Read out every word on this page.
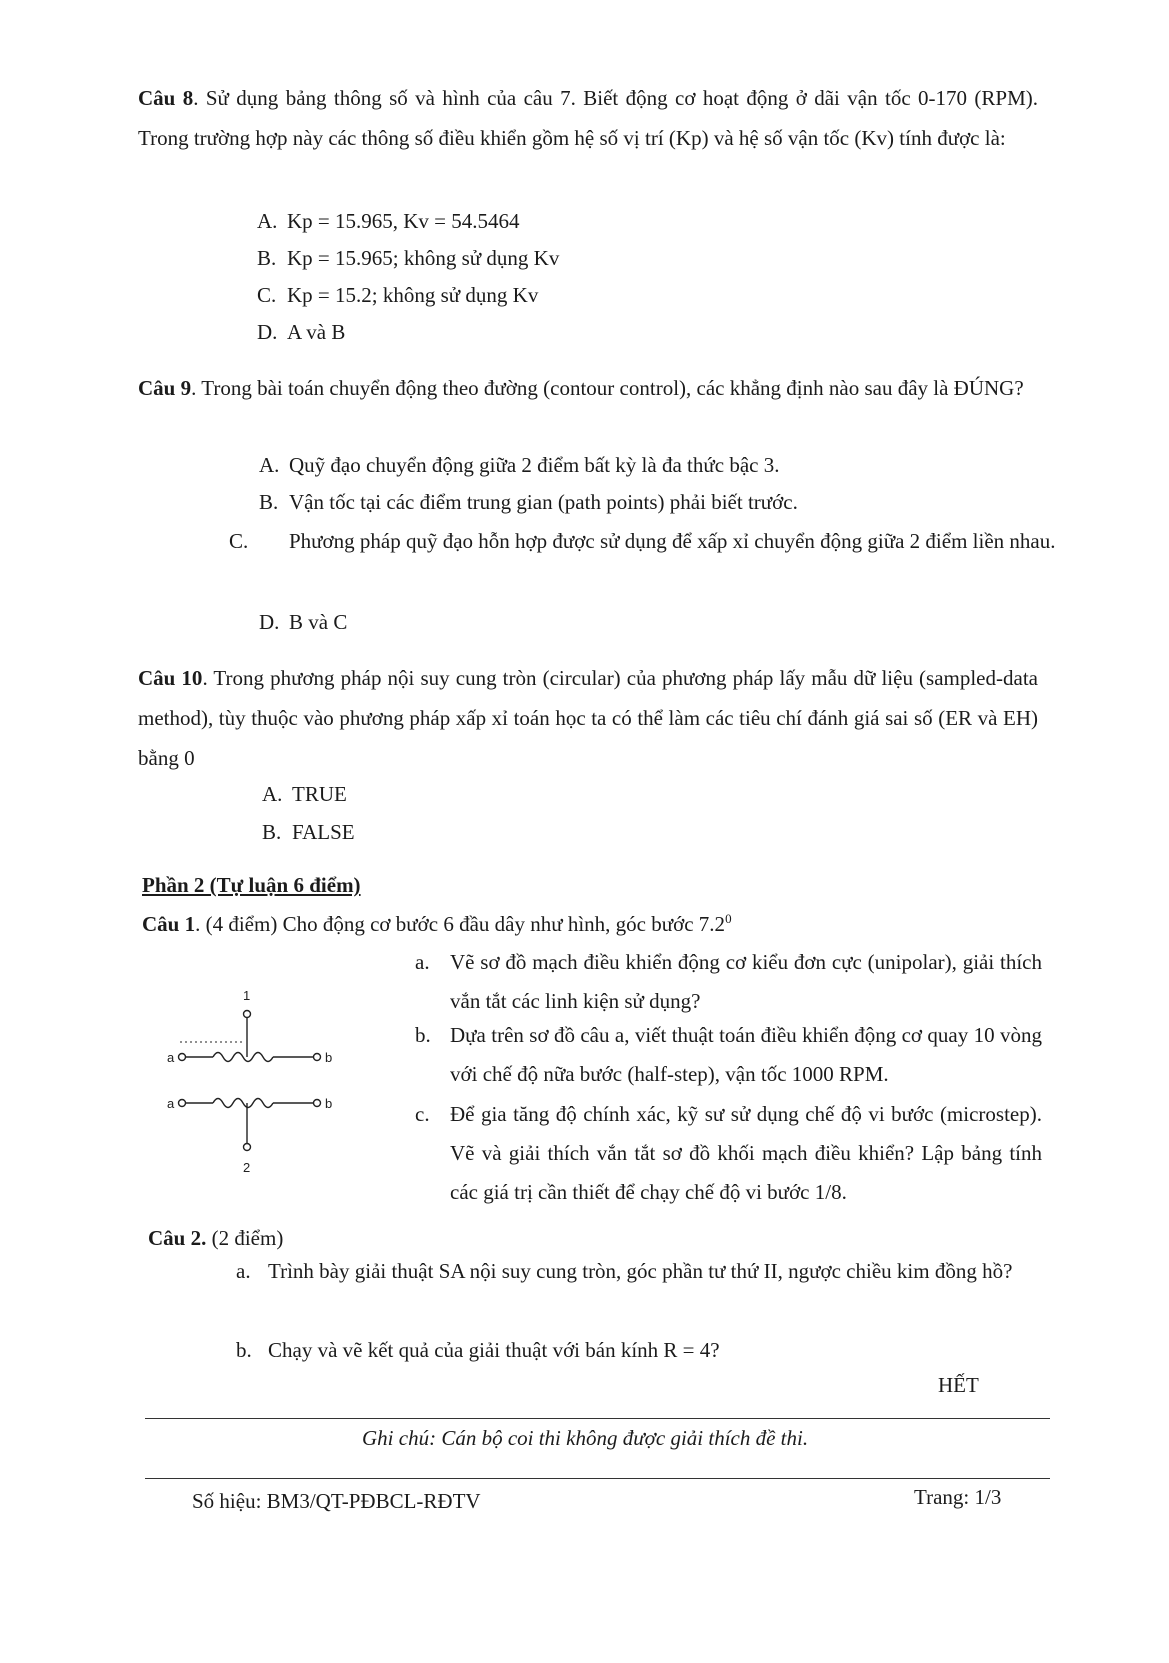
Câu 8. Sử dụng bảng thông số và hình của câu 7. Biết động cơ hoạt động ở dãi vận tốc 0-170 (RPM). Trong trường hợp này các thông số điều khiển gồm hệ số vị trí (Kp) và hệ số vận tốc (Kv) tính được là:
A. Kp = 15.965, Kv = 54.5464
B. Kp = 15.965; không sử dụng Kv
C. Kp = 15.2; không sử dụng Kv
D. A và B
Câu 9. Trong bài toán chuyển động theo đường (contour control), các khẳng định nào sau đây là ĐÚNG?
A. Quỹ đạo chuyển động giữa 2 điểm bất kỳ là đa thức bậc 3.
B. Vận tốc tại các điểm trung gian (path points) phải biết trước.
C. Phương pháp quỹ đạo hỗn hợp được sử dụng để xấp xỉ chuyển động giữa 2 điểm liền nhau.
D. B và C
Câu 10. Trong phương pháp nội suy cung tròn (circular) của phương pháp lấy mẫu dữ liệu (sampled-data method), tùy thuộc vào phương pháp xấp xỉ toán học ta có thể làm các tiêu chí đánh giá sai số (ER và EH) bằng 0
A. TRUE
B. FALSE
Phần 2 (Tự luận 6 điểm)
Câu 1. (4 điểm) Cho động cơ bước 6 đầu dây như hình, góc bước $7.2^0$
a. Vẽ sơ đồ mạch điều khiển động cơ kiểu đơn cực (unipolar), giải thích vắn tắt các linh kiện sử dụng?
b. Dựa trên sơ đồ câu a, viết thuật toán điều khiển động cơ quay 10 vòng với chế độ nữa bước (half-step), vận tốc 1000 RPM.
c. Để gia tăng độ chính xác, kỹ sư sử dụng chế độ vi bước (microstep). Vẽ và giải thích vắn tắt sơ đồ khối mạch điều khiển? Lập bảng tính các giá trị cần thiết để chạy chế độ vi bước 1/8.
1
2
a	b
a	b
Câu 2. (2 điểm)
a. Trình bày giải thuật SA nội suy cung tròn, góc phần tư thứ II, ngược chiều kim đồng hồ?
b. Chạy và vẽ kết quả của giải thuật với bán kính R = 4?
HẾT
Ghi chú: Cán bộ coi thi không được giải thích đề thi.
Số hiệu: BM3/QT-PĐBCL-RĐTV	Trang: 1/3
